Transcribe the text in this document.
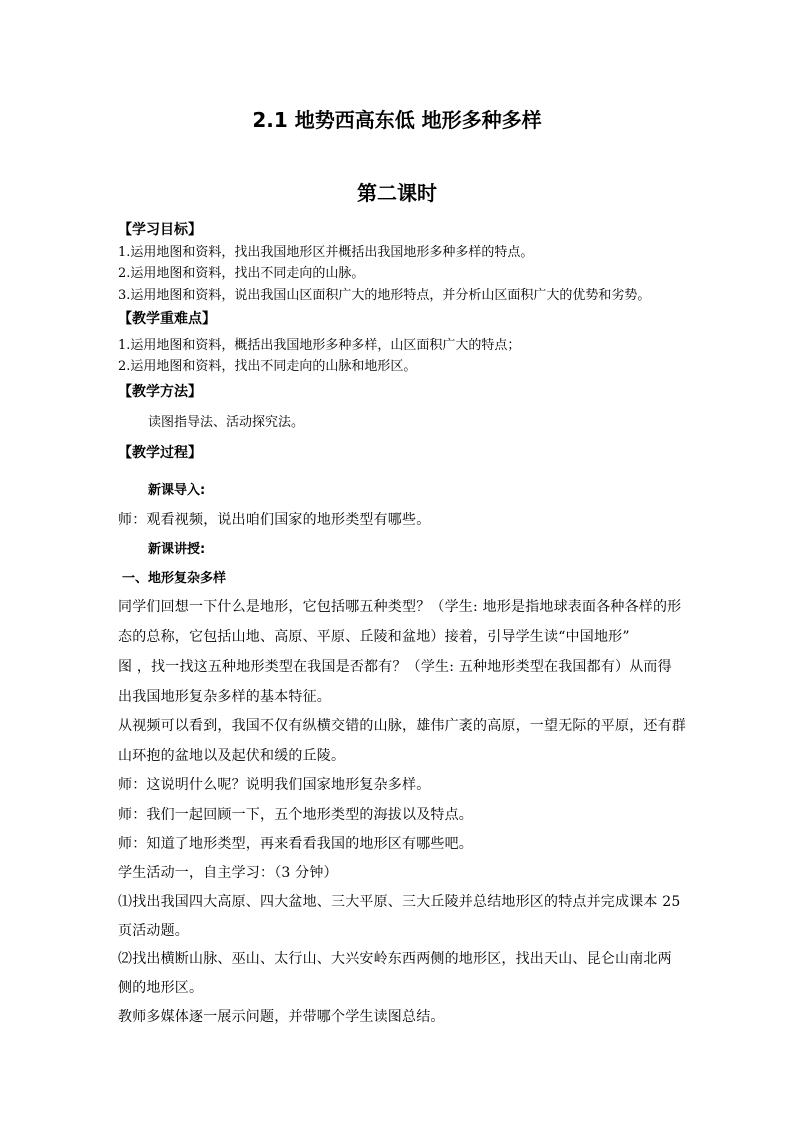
2.1 地势西高东低 地形多种多样
第二课时
【学习目标】
1.运用地图和资料，找出我国地形区并概括出我国地形多种多样的特点。
2.运用地图和资料，找出不同走向的山脉。
3.运用地图和资料，说出我国山区面积广大的地形特点，并分析山区面积广大的优势和劣势。
【教学重难点】
1.运用地图和资料，概括出我国地形多种多样，山区面积广大的特点；
2.运用地图和资料，找出不同走向的山脉和地形区。
【教学方法】
读图指导法、活动探究法。
【教学过程】
新课导入:
师：观看视频，说出咱们国家的地形类型有哪些。
新课讲授:
一、地形复杂多样
同学们回想一下什么是地形，它包括哪五种类型？（学生: 地形是指地球表面各种各样的形
态的总称，它包括山地、高原、平原、丘陵和盆地）接着，引导学生读“中国地形”
图 ，找一找这五种地形类型在我国是否都有？（学生: 五种地形类型在我国都有）从而得
出我国地形复杂多样的基本特征。
从视频可以看到，我国不仅有纵横交错的山脉，雄伟广袤的高原，一望无际的平原，还有群
山环抱的盆地以及起伏和缓的丘陵。
师：这说明什么呢？说明我们国家地形复杂多样。
师：我们一起回顾一下，五个地形类型的海拔以及特点。
师：知道了地形类型，再来看看我国的地形区有哪些吧。
学生活动一，自主学习：（3 分钟）
⑴找出我国四大高原、四大盆地、三大平原、三大丘陵并总结地形区的特点并完成课本 25
页活动题。
⑵找出横断山脉、巫山、太行山、大兴安岭东西两侧的地形区，找出天山、昆仑山南北两
侧的地形区。
教师多媒体逐一展示问题，并带哪个学生读图总结。
